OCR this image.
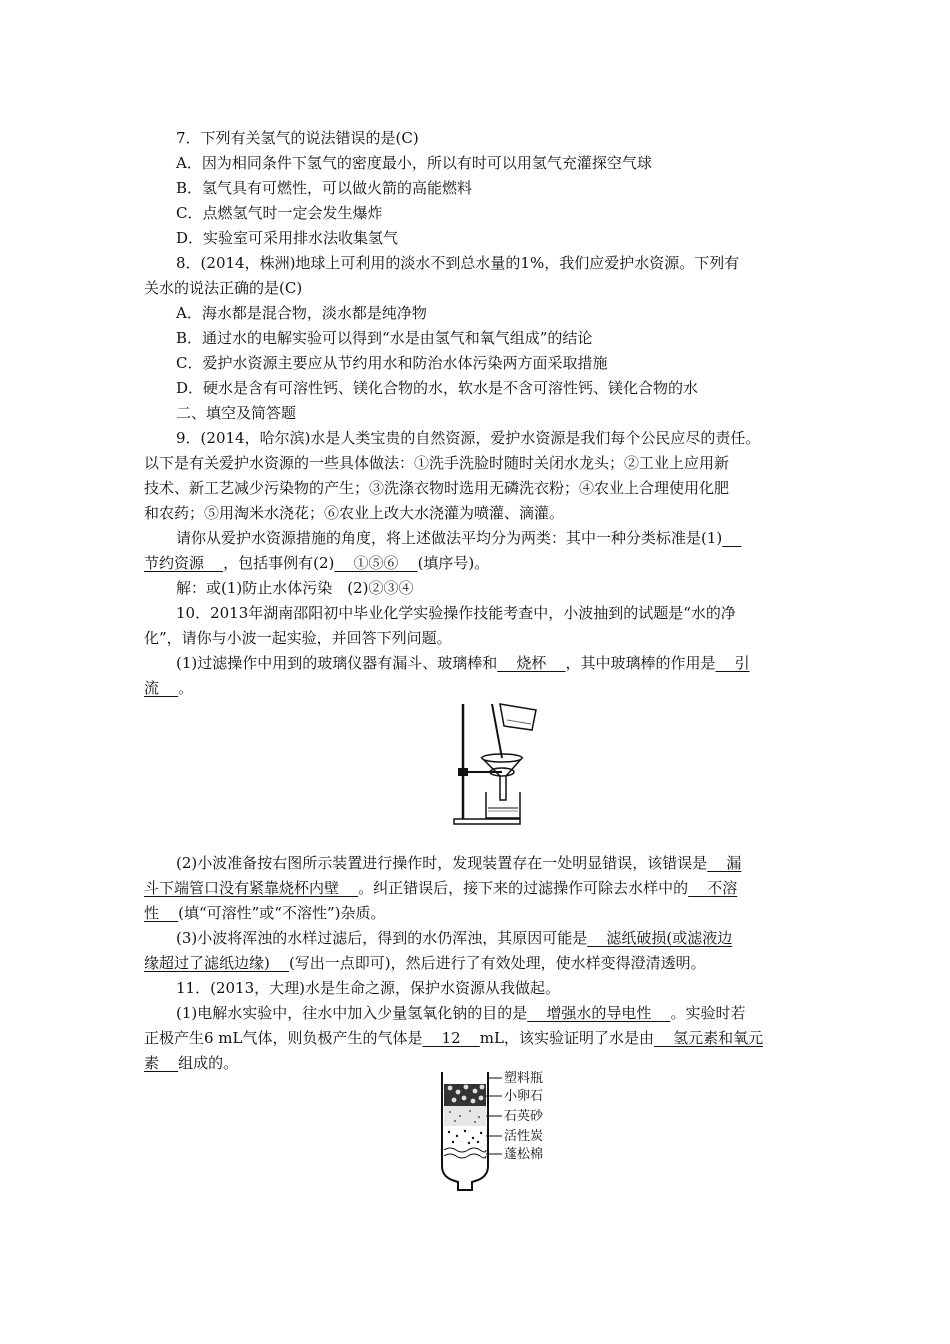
7．下列有关氢气的说法错误的是(C)
A．因为相同条件下氢气的密度最小，所以有时可以用氢气充灌探空气球
B．氢气具有可燃性，可以做火箭的高能燃料
C．点燃氢气时一定会发生爆炸
D．实验室可采用排水法收集氢气
8．(2014，株洲)地球上可利用的淡水不到总水量的1%，我们应爱护水资源。下列有
关水的说法正确的是(C)
A．海水都是混合物，淡水都是纯净物
B．通过水的电解实验可以得到“水是由氢气和氧气组成”的结论
C．爱护水资源主要应从节约用水和防治水体污染两方面采取措施
D．硬水是含有可溶性钙、镁化合物的水，软水是不含可溶性钙、镁化合物的水
二、填空及简答题
9．(2014，哈尔滨)水是人类宝贵的自然资源，爱护水资源是我们每个公民应尽的责任。
以下是有关爱护水资源的一些具体做法：①洗手洗脸时随时关闭水龙头；②工业上应用新
技术、新工艺减少污染物的产生；③洗涤衣物时选用无磷洗衣粉；④农业上合理使用化肥
和农药；⑤用淘米水浇花；⑥农业上改大水浇灌为喷灌、滴灌。
请你从爱护水资源措施的角度，将上述做法平均分为两类：其中一种分类标准是(1)  
节约资源   ，包括事例有(2)   ①⑤⑥   (填序号)。
解：或(1)防止水体污染　(2)②③④
10．2013年湖南邵阳初中毕业化学实验操作技能考查中，小波抽到的试题是“水的净
化”，请你与小波一起实验，并回答下列问题。
(1)过滤操作中用到的玻璃仪器有漏斗、玻璃棒和   烧杯   ，其中玻璃棒的作用是   引
流   。
(2)小波准备按右图所示装置进行操作时，发现装置存在一处明显错误，该错误是   漏
斗下端管口没有紧靠烧杯内壁   。纠正错误后，接下来的过滤操作可除去水样中的   不溶
性   (填“可溶性”或“不溶性”)杂质。
(3)小波将浑浊的水样过滤后，得到的水仍浑浊，其原因可能是   滤纸破损(或滤液边
缘超过了滤纸边缘)   (写出一点即可)，然后进行了有效处理，使水样变得澄清透明。
11．(2013，大理)水是生命之源，保护水资源从我做起。
(1)电解水实验中，往水中加入少量氢氧化钠的目的是   增强水的导电性   。实验时若
正极产生6 mL气体，则负极产生的气体是   12   mL，该实验证明了水是由   氢元素和氧元
素   组成的。
塑料瓶
小卵石
石英砂
活性炭
蓬松棉
